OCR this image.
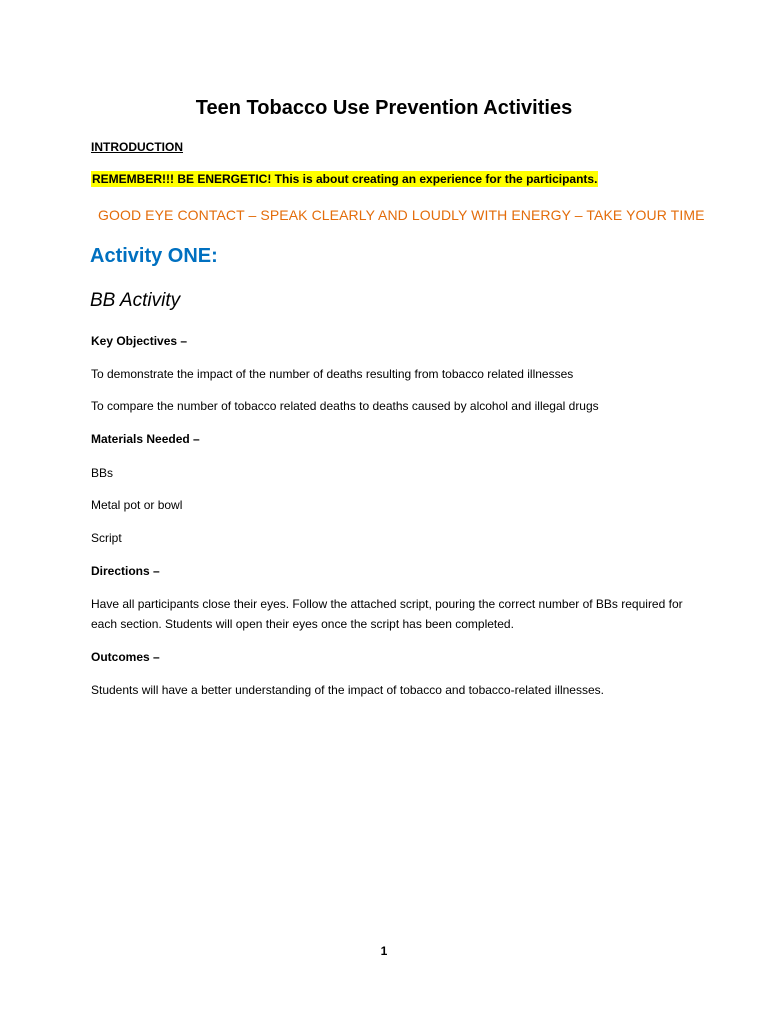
Teen Tobacco Use Prevention Activities
INTRODUCTION
REMEMBER!!! BE ENERGETIC! This is about creating an experience for the participants.
GOOD EYE CONTACT – SPEAK CLEARLY AND LOUDLY WITH ENERGY – TAKE YOUR TIME
Activity ONE:
BB Activity
Key Objectives –
To demonstrate the impact of the number of deaths resulting from tobacco related illnesses
To compare the number of tobacco related deaths to deaths caused by alcohol and illegal drugs
Materials Needed –
BBs
Metal pot or bowl
Script
Directions –
Have all participants close their eyes. Follow the attached script, pouring the correct number of BBs required for each section. Students will open their eyes once the script has been completed.
Outcomes –
Students will have a better understanding of the impact of tobacco and tobacco-related illnesses.
1
